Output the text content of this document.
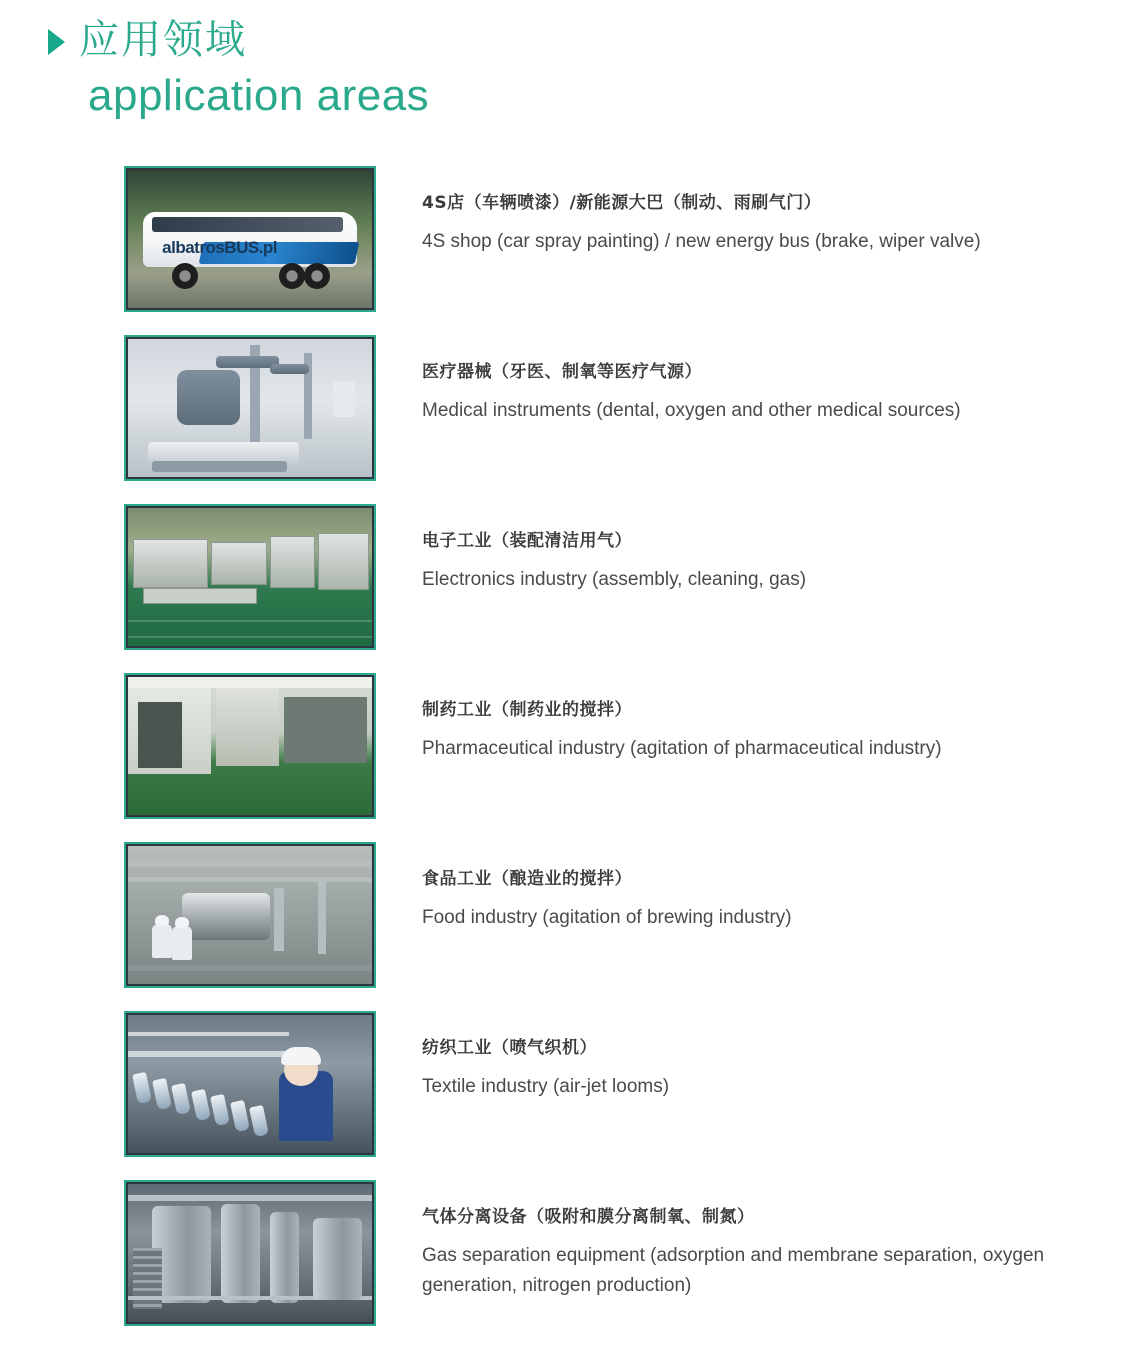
应用领域
application areas
albatrosBUS.pl
4S店（车辆喷漆）/新能源大巴（制动、雨刷气门）
4S shop (car spray painting) / new energy bus (brake, wiper valve)
医疗器械（牙医、制氧等医疗气源）
Medical instruments (dental, oxygen and other medical sources)
电子工业（装配清洁用气）
Electronics industry (assembly, cleaning, gas)
制药工业（制药业的搅拌）
Pharmaceutical industry (agitation of pharmaceutical industry)
食品工业（酿造业的搅拌）
Food industry (agitation of brewing industry)
纺织工业（喷气织机）
Textile industry (air-jet looms)
气体分离设备（吸附和膜分离制氧、制氮）
Gas separation equipment (adsorption and membrane separation, oxygen generation, nitrogen production)
